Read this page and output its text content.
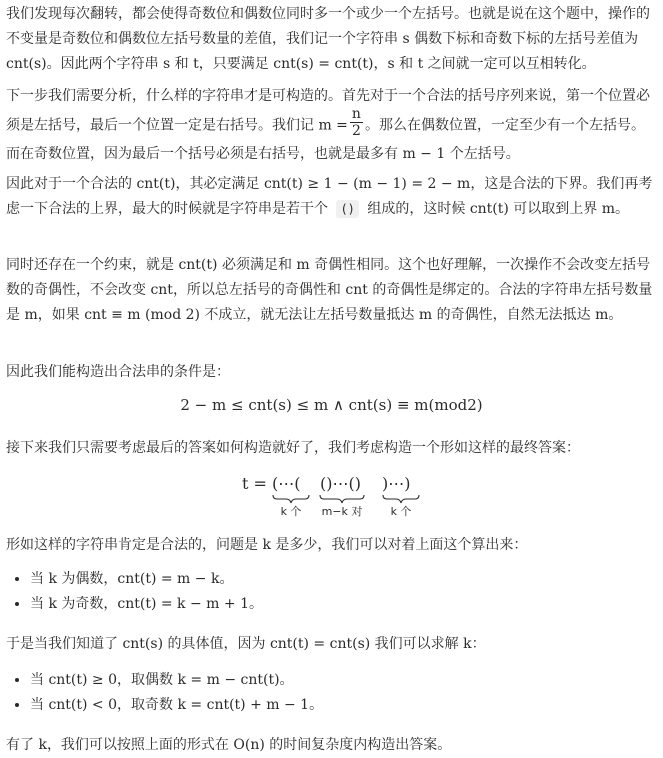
我们发现每次翻转，都会使得奇数位和偶数位同时多一个或少一个左括号。也就是说在这个题中，操作的不变量是奇数位和偶数位左括号数量的差值，我们记一个字符串 s 偶数下标和奇数下标的左括号差值为 cnt(s)。因此两个字符串 s 和 t，只要满足 cnt(s) = cnt(t)，s 和 t 之间就一定可以互相转化。

下一步我们需要分析，什么样的字符串才是可构造的。首先对于一个合法的括号序列来说，第一个位置必须是左括号，最后一个位置一定是右括号。我们记 $m = \frac{n}{2}$ 。那么在偶数位置，一定至少有一个左括号。而在奇数位置，因为最后一个括号必须是右括号，也就是最多有 m − 1 个左括号。

因此对于一个合法的 cnt(t)，其必定满足 cnt(t) ≥ 1 − (m − 1) = 2 − m，这是合法的下界。我们再考虑一下合法的上界，最大的时候就是字符串是若干个 () 组成的，这时候 cnt(t) 可以取到上界 m。

同时还存在一个约束，就是 cnt(t) 必须满足和 m 奇偶性相同。这个也好理解，一次操作不会改变左括号数的奇偶性，不会改变 cnt，所以总左括号的奇偶性和 cnt 的奇偶性是绑定的。合法的字符串左括号数量是 m，如果 cnt ≡ m (mod 2) 不成立，就无法让左括号数量抵达 m 的奇偶性，自然无法抵达 m。

因此我们能构造出合法串的条件是：

2 − m ≤ cnt(s) ≤ m ∧ cnt(s) ≡ m(mod2)

接下来我们只需要考虑最后的答案如何构造就好了，我们考虑构造一个形如这样的最终答案：

t = (⋯( ()⋯() )⋯)
k 个 m−k 对	k 个

形如这样的字符串肯定是合法的，问题是 k 是多少，我们可以对着上面这个算出来：

• 当 k 为偶数，cnt(t) = m − k。
• 当 k 为奇数，cnt(t) = k − m + 1。

于是当我们知道了 cnt(s) 的具体值，因为 cnt(t) = cnt(s) 我们可以求解 k：

• 当 cnt(t) ≥ 0，取偶数 k = m − cnt(t)。
• 当 cnt(t) < 0，取奇数 k = cnt(t) + m − 1。

有了 k，我们可以按照上面的形式在 O(n) 的时间复杂度内构造出答案。
